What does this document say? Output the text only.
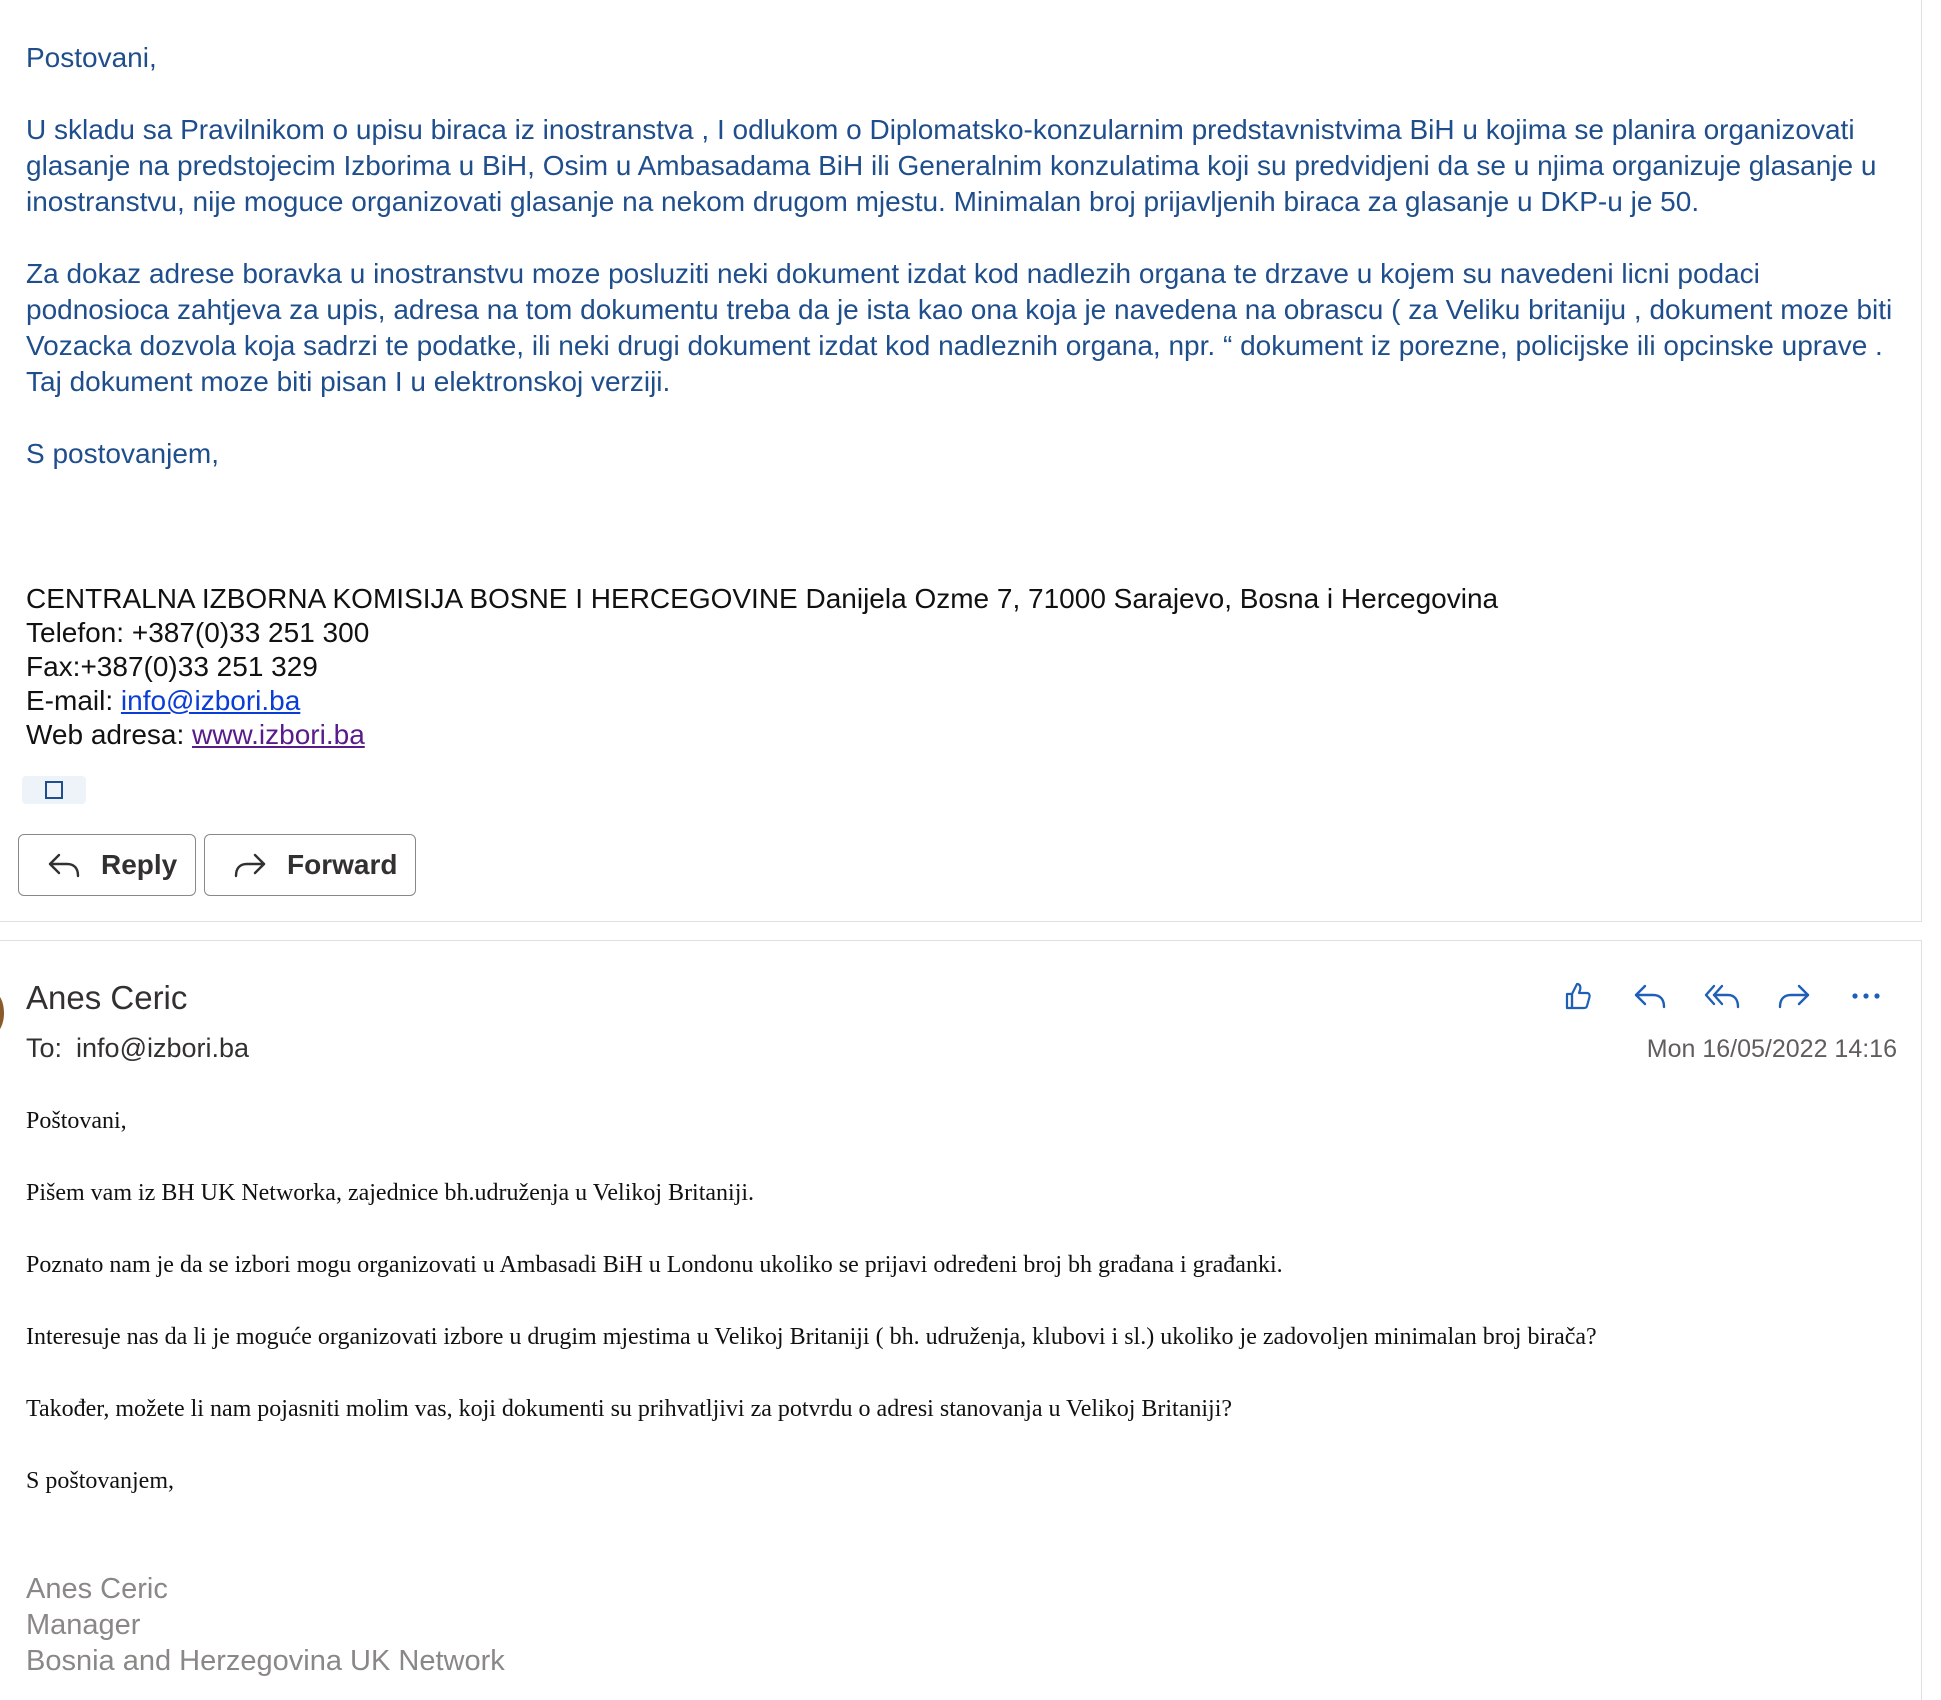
Postovani,

U skladu sa Pravilnikom o upisu biraca iz inostranstva , I odlukom o Diplomatsko-konzularnim predstavnistvima BiH u kojima se planira organizovati glasanje na predstojecim Izborima u BiH, Osim u Ambasadama BiH ili Generalnim konzulatima koji su predvidjeni da se u njima organizuje glasanje u inostranstvu, nije moguce organizovati glasanje na nekom drugom mjestu. Minimalan broj prijavljenih biraca za glasanje u DKP-u je 50.

Za dokaz adrese boravka u inostranstvu moze posluziti neki dokument izdat kod nadlezih organa te drzave u kojem su navedeni licni podaci podnosioca zahtjeva za upis, adresa na tom dokumentu treba da je ista kao ona koja je navedena na obrascu ( za Veliku britaniju , dokument moze biti Vozacka dozvola koja sadrzi te podatke, ili neki drugi dokument izdat kod nadleznih organa, npr. “ dokument iz porezne, policijske ili opcinske uprave . Taj dokument moze biti pisan I u elektronskoj verziji.

S postovanjem,

CENTRALNA IZBORNA KOMISIJA BOSNE I HERCEGOVINE Danijela Ozme 7, 71000 Sarajevo, Bosna i Hercegovina
Telefon: +387(0)33 251 300
Fax:+387(0)33 251 329
E-mail: info@izbori.ba
Web adresa: www.izbori.ba
Reply	Forward
Anes Ceric
To: info@izbori.ba	Mon 16/05/2022 14:16

Poštovani,

Pišem vam iz BH UK Networka, zajednice bh.udruženja u Velikoj Britaniji.

Poznato nam je da se izbori mogu organizovati u Ambasadi BiH u Londonu ukoliko se prijavi određeni broj bh građana i građanki.

Interesuje nas da li je moguće organizovati izbore u drugim mjestima u Velikoj Britaniji ( bh. udruženja, klubovi i sl.) ukoliko je zadovoljen minimalan broj birača?

Također, možete li nam pojasniti molim vas, koji dokumenti su prihvatljivi za potvrdu o adresi stanovanja u Velikoj Britaniji?

S poštovanjem,

Anes Ceric
Manager
Bosnia and Herzegovina UK Network
